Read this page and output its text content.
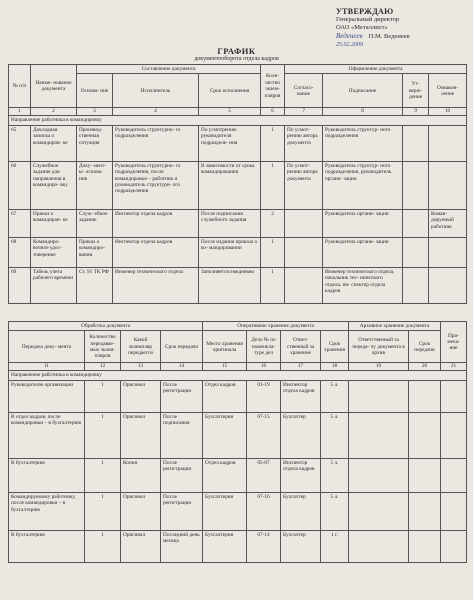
УТВЕРЖДАЮ
Генеральный директор
ОАО «Металлист»
Веденеев П.М. Веденеев
25.02.2009
ГРАФИК
документооборота отдела кадров
№ п/п	Наиме- нование документа	Составление документа			Коли- чество экзем- пляров	Оформление документа			
		Основа- ние	Исполнитель	Срок исполнения		Согласо- вание	Подписание	Ут- верж- дение	Ознаком- ление
1	2	3	4	5	6	7	8	9	10
Направление работника в командировку									
65	Докладная записка о командиров- ке	Производ- ственная ситуация	Руководитель структурно- го подразделения	По усмотрению руководителя подразделе- ния	1	По усмот- рению автора документа	Руководитель структур- ного подразделения		
66	Служебное задание для направления в командиро- вку	Доку- мент- ы- основа- ния	Руководитель структурно- го подразделения, после командировки – работник и руководитель структурн- ого подразделения	В зависимости от срока командирования	1	По усмот- рению автора документа	Руководитель структур- ного подразделения, руководитель органи- зации		
67	Приказ о командиров- ке	Служ- ебное задание	Инспектор отдела кадров	После подписания служебного задания	2		Руководитель органи- зации		Коман- дируемый работник
68	Командиро- вочное удос- товерение	Приказ о командиро- вании	Инспектор отдела кадров	После издания приказа о ко- мандировании	1		Руководитель органи- зации		
69	Табель учета рабочего времени	Ст. 91 ТК РФ	Инженер технического отдела	Заполняется ежедневно	1		Инженер технического отдела, начальник тех- нического отдела, ин- спектор отдела кадров		
Обработка документа				Оперативное хранение документа				Архивное хранение документа		При- меча- ние
Передача доку- мента	Количество передавае- мых экзем- пляров	Какой экземпляр передается	Срок передачи	Место хранения оригинала	Дело № по номенкла- туре дел	Ответ- ственный за хранение	Срок хранения	Ответственный за переда- чу документа в архив	Срок передачи	
11	12	13	14	15	16	17	18	19	20	21
Направление работника в командировку										
Руководителю организации	1	Оригинал	После регистрации	Отдел кадров	01-19	Инспектор отдела кадров	5 л.			
В отдел кадров, после командировки – в бухгалтерию	1	Оригинал	После подписания	Бухгалтерия	07-15	Бухгалтер	5 л.			
В бухгалтерию	1	Копия	После регистрации	Отдел кадров	05-07	Инспектор отдела кадров	5 л.			
Командируемому работнику, после командировки – в бухгалтерию	1	Оригинал	После регистрации	Бухгалтерия	07-16	Бухгалтер	5 л.			
В бухгалтерию	1	Оригинал	Последний день месяца	Бухгалтерия	07-14	Бухгалтер	1 г.			
